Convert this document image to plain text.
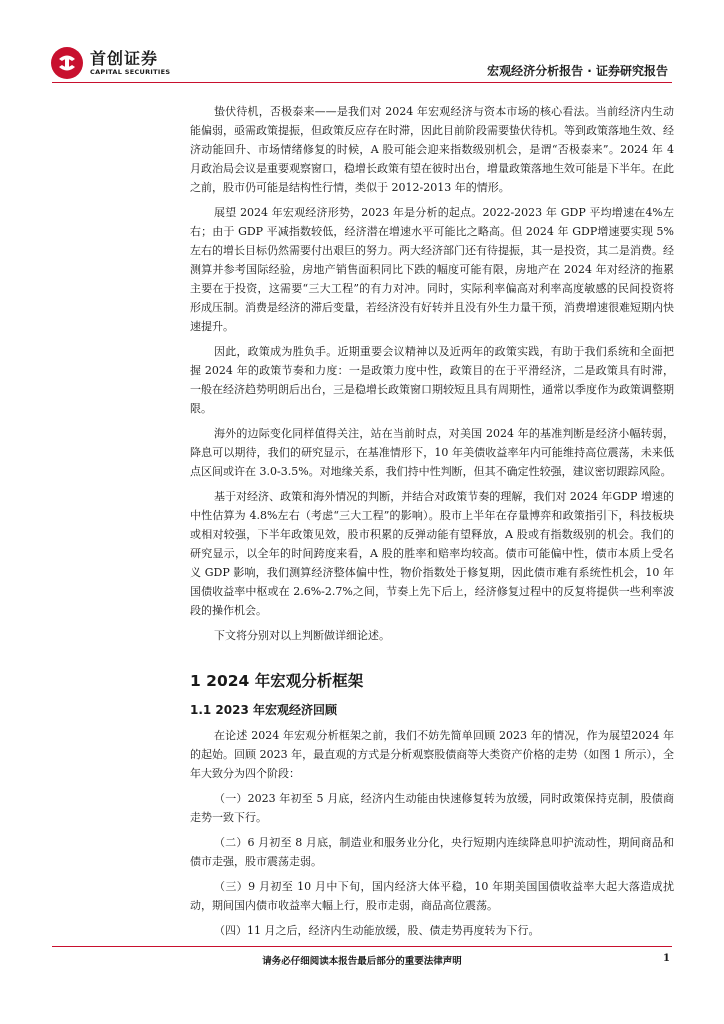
首创证券
CAPITAL SECURITIES	宏观经济分析报告 · 证券研究报告

蛰伏待机，否极泰来——是我们对 2024 年宏观经济与资本市场的核心看法。当前经济内生动能偏弱，亟需政策提振，但政策反应存在时滞，因此目前阶段需要蛰伏待机。等到政策落地生效、经济动能回升、市场情绪修复的时候，A 股可能会迎来指数级别机会，是谓“否极泰来”。2024 年 4 月政治局会议是重要观察窗口，稳增长政策有望在彼时出台，增量政策落地生效可能是下半年。在此之前，股市仍可能是结构性行情，类似于 2012-2013 年的情形。

展望 2024 年宏观经济形势，2023 年是分析的起点。2022-2023 年 GDP 平均增速在4%左右；由于 GDP 平减指数较低，经济潜在增速水平可能比之略高。但 2024 年 GDP增速要实现 5%左右的增长目标仍然需要付出艰巨的努力。两大经济部门还有待提振，其一是投资，其二是消费。经测算并参考国际经验，房地产销售面积同比下跌的幅度可能有限，房地产在 2024 年对经济的拖累主要在于投资，这需要“三大工程”的有力对冲。同时，实际利率偏高对利率高度敏感的民间投资将形成压制。消费是经济的滞后变量，若经济没有好转并且没有外生力量干预，消费增速很难短期内快速提升。

因此，政策成为胜负手。近期重要会议精神以及近两年的政策实践，有助于我们系统和全面把握 2024 年的政策节奏和力度：一是政策力度中性，政策目的在于平滑经济，二是政策具有时滞，一般在经济趋势明朗后出台，三是稳增长政策窗口期较短且具有周期性，通常以季度作为政策调整期限。

海外的边际变化同样值得关注，站在当前时点，对美国 2024 年的基准判断是经济小幅转弱，降息可以期待，我们的研究显示，在基准情形下，10 年美债收益率年内可能维持高位震荡，未来低点区间或许在 3.0-3.5%。对地缘关系，我们持中性判断，但其不确定性较强，建议密切跟踪风险。

基于对经济、政策和海外情况的判断，并结合对政策节奏的理解，我们对 2024 年GDP 增速的中性估算为 4.8%左右（考虑“三大工程”的影响）。股市上半年在存量博弈和政策指引下，科技板块或相对较强，下半年政策见效，股市积累的反弹动能有望释放，A 股或有指数级别的机会。我们的研究显示，以全年的时间跨度来看，A 股的胜率和赔率均较高。债市可能偏中性，债市本质上受名义 GDP 影响，我们测算经济整体偏中性，物价指数处于修复期，因此债市难有系统性机会，10 年国债收益率中枢或在 2.6%-2.7%之间，节奏上先下后上，经济修复过程中的反复将提供一些利率波段的操作机会。

下文将分别对以上判断做详细论述。

1 2024 年宏观分析框架
1.1 2023 年宏观经济回顾

在论述 2024 年宏观分析框架之前，我们不妨先简单回顾 2023 年的情况，作为展望2024 年的起始。回顾 2023 年，最直观的方式是分析观察股债商等大类资产价格的走势（如图 1 所示），全年大致分为四个阶段：

（一）2023 年初至 5 月底，经济内生动能由快速修复转为放缓，同时政策保持克制，股债商走势一致下行。

（二）6 月初至 8 月底，制造业和服务业分化，央行短期内连续降息叩护流动性，期间商品和债市走强，股市震荡走弱。

（三）9 月初至 10 月中下旬，国内经济大体平稳，10 年期美国国债收益率大起大落造成扰动，期间国内债市收益率大幅上行，股市走弱，商品高位震荡。

（四）11 月之后，经济内生动能放缓，股、债走势再度转为下行。

请务必仔细阅读本报告最后部分的重要法律声明	1
